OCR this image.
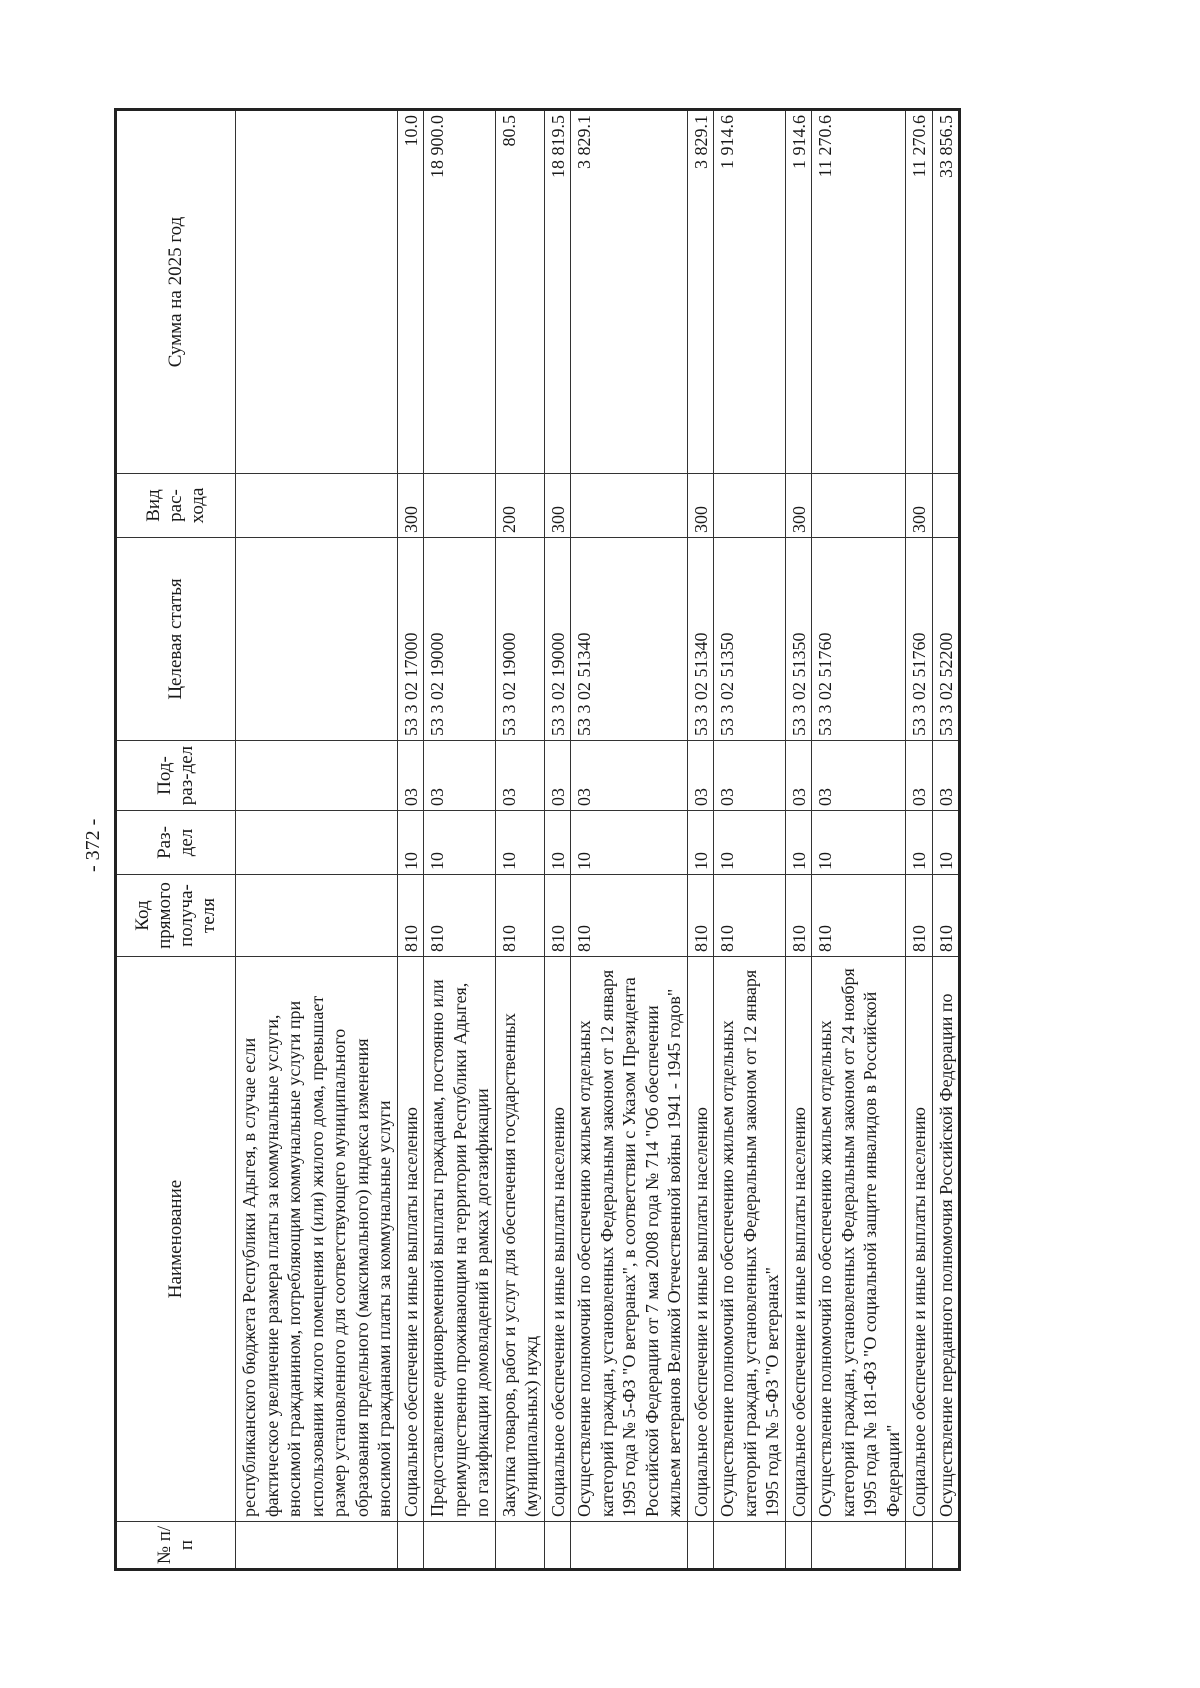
- 372 -
№ п/п	Наименование	Код прямого получа-теля	Раз-дел	Под-раз-дел	Целевая статья	Вид рас-хода	Сумма на 2025 год
	республиканского бюджета Республики Адыгея, в случае если фактическое увеличение размера платы за коммунальные услуги, вносимой гражданином, потребляющим коммунальные услуги при использовании жилого помещения и (или) жилого дома, превышает размер установленного для соответствующего муниципального образования предельного (максимального) индекса изменения вносимой гражданами платы за коммунальные услуги						
	Социальное обеспечение и иные выплаты населению	810	10	03	53 3 02 17000	300	10.0
	Предоставление единовременной выплаты гражданам, постоянно или преимущественно проживающим на территории Республики Адыгея, по газификации домовладений в рамках догазификации	810	10	03	53 3 02 19000		18 900.0
	Закупка товаров, работ и услуг для обеспечения государственных (муниципальных) нужд	810	10	03	53 3 02 19000	200	80.5
	Социальное обеспечение и иные выплаты населению	810	10	03	53 3 02 19000	300	18 819.5
	Осуществление полномочий по обеспечению жильем отдельных категорий граждан, установленных Федеральным законом от 12 января 1995 года № 5-ФЗ "О ветеранах", в соответствии с Указом Президента Российской Федерации от 7 мая 2008 года № 714 "Об обеспечении жильем ветеранов Великой Отечественной войны 1941 - 1945 годов"	810	10	03	53 3 02 51340		3 829.1
	Социальное обеспечение и иные выплаты населению	810	10	03	53 3 02 51340	300	3 829.1
	Осуществление полномочий по обеспечению жильем отдельных категорий граждан, установленных Федеральным законом от 12 января 1995 года № 5-ФЗ "О ветеранах"	810	10	03	53 3 02 51350		1 914.6
	Социальное обеспечение и иные выплаты населению	810	10	03	53 3 02 51350	300	1 914.6
	Осуществление полномочий по обеспечению жильем отдельных категорий граждан, установленных Федеральным законом от 24 ноября 1995 года № 181-ФЗ "О социальной защите инвалидов в Российской Федерации"	810	10	03	53 3 02 51760		11 270.6
	Социальное обеспечение и иные выплаты населению	810	10	03	53 3 02 51760	300	11 270.6
	Осуществление переданного полномочия Российской Федерации по	810	10	03	53 3 02 52200		33 856.5
